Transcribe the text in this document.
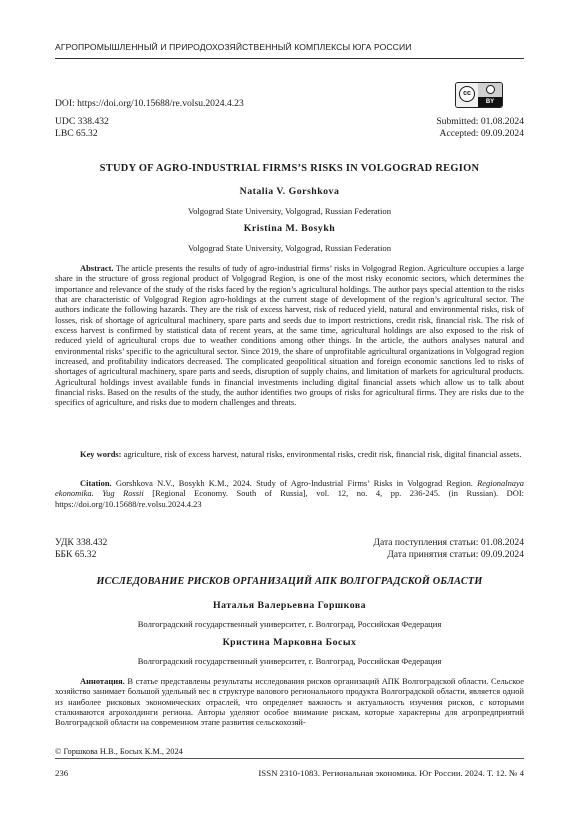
АГРОПРОМЫШЛЕННЫЙ И ПРИРОДОХОЗЯЙСТВЕННЫЙ КОМПЛЕКСЫ ЮГА РОССИИ
DOI: https://doi.org/10.15688/re.volsu.2024.4.23
cc
BY
UDC 338.432	Submitted: 01.08.2024
LBC 65.32	Accepted: 09.09.2024
STUDY OF AGRO-INDUSTRIAL FIRMS’S RISKS IN VOLGOGRAD REGION
Natalia V. Gorshkova
Volgograd State University, Volgograd, Russian Federation
Kristina M. Bosykh
Volgograd State University, Volgograd, Russian Federation
Abstract. The article presents the results of tudy of agro-industrial firms’ risks in Volgograd Region. Agriculture occupies a large share in the structure of gross regional product of Volgograd Region, is one of the most risky economic sectors, which determines the importance and relevance of the study of the risks faced by the region’s agricultural holdings. The author pays special attention to the risks that are characteristic of Volgograd Region agro-holdings at the current stage of development of the region’s agricultural sector. The authors indicate the following hazards. They are the risk of excess harvest, risk of reduced yield, natural and environmental risks, risk of losses, risk of shortage of agricultural machinery, spare parts and seeds due to import restrictions, credit risk, financial risk. The risk of excess harvest is confirmed by statistical data of recent years, at the same time, agricultural holdings are also exposed to the risk of reduced yield of agricultural crops due to weather conditions among other things. In the article, the authors analyses natural and environmental risks’ specific to the agricultural sector. Since 2019, the share of unprofitable agricultural organizations in Volgograd region increased, and profitability indicators decreased. The complicated geopolitical situation and foreign economic sanctions led to risks of shortages of agricultural machinery, spare parts and seeds, disruption of supply chains, and limitation of markets for agricultural products. Agricultural holdings invest available funds in financial investments including digital financial assets which allow us to talk about financial risks. Based on the results of the study, the author identifies two groups of risks for agricultural firms. They are risks due to the specifics of agriculture, and risks due to modern challenges and threats.
Key words: agriculture, risk of excess harvest, natural risks, environmental risks, credit risk, financial risk, digital financial assets.
Citation. Gorshkova N.V., Bosykh K.M., 2024. Study of Agro-Industrial Firms’ Risks in Volgograd Region. Regionalnaya ekonomika. Yug Rossii [Regional Economy. South of Russia], vol. 12, no. 4, pp. 236-245. (in Russian). DOI: https://doi.org/10.15688/re.volsu.2024.4.23
УДК 338.432	Дата поступления статьи: 01.08.2024
ББК 65.32	Дата принятия статьи: 09.09.2024
ИССЛЕДОВАНИЕ РИСКОВ ОРГАНИЗАЦИЙ АПК ВОЛГОГРАДСКОЙ ОБЛАСТИ
Наталья Валерьевна Горшкова
Волгоградский государственный университет, г. Волгоград, Российская Федерация
Кристина Марковна Босых
Волгоградский государственный университет, г. Волгоград, Российская Федерация
Аннотация. В статье представлены результаты исследования рисков организаций АПК Волгоградской области. Сельское хозяйство занимает большой удельный вес в структуре валового регионального продукта Волгоградской области, является одной из наиболее рисковых экономических отраслей, что определяет важность и актуальность изучения рисков, с которыми сталкиваются агрохолдинги региона. Авторы уделяют особое внимание рискам, которые характерны для агропредприятий Волгоградской области на современном этапе развития сельскохозяй-
© Горшкова Н.В., Босых К.М., 2024
236	ISSN 2310-1083. Региональная экономика. Юг России. 2024. Т. 12. № 4
